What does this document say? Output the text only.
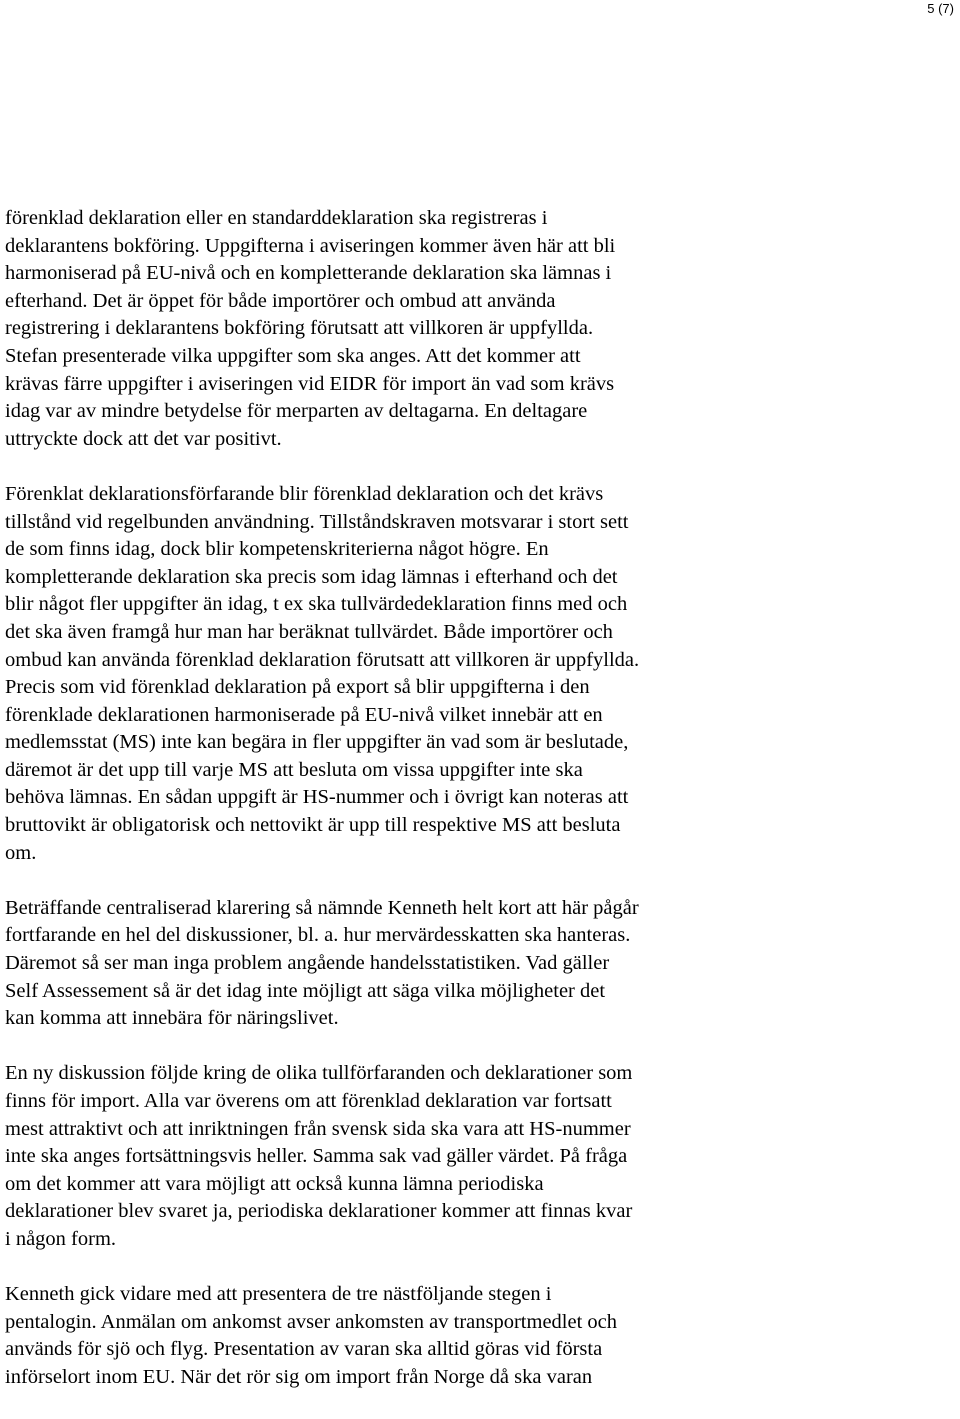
5 (7)

förenklad deklaration eller en standarddeklaration ska registreras i
deklarantens bokföring. Uppgifterna i aviseringen kommer även här att bli
harmoniserad på EU-nivå och en kompletterande deklaration ska lämnas i
efterhand. Det är öppet för både importörer och ombud att använda
registrering i deklarantens bokföring förutsatt att villkoren är uppfyllda.
Stefan presenterade vilka uppgifter som ska anges. Att det kommer att
krävas färre uppgifter i aviseringen vid EIDR för import än vad som krävs
idag var av mindre betydelse för merparten av deltagarna. En deltagare
uttryckte dock att det var positivt.

Förenklat deklarationsförfarande blir förenklad deklaration och det krävs
tillstånd vid regelbunden användning. Tillståndskraven motsvarar i stort sett
de som finns idag, dock blir kompetenskriterierna något högre. En
kompletterande deklaration ska precis som idag lämnas i efterhand och det
blir något fler uppgifter än idag, t ex ska tullvärdedeklaration finns med och
det ska även framgå hur man har beräknat tullvärdet. Både importörer och
ombud kan använda förenklad deklaration förutsatt att villkoren är uppfyllda.
Precis som vid förenklad deklaration på export så blir uppgifterna i den
förenklade deklarationen harmoniserade på EU-nivå vilket innebär att en
medlemsstat (MS) inte kan begära in fler uppgifter än vad som är beslutade,
däremot är det upp till varje MS att besluta om vissa uppgifter inte ska
behöva lämnas. En sådan uppgift är HS-nummer och i övrigt kan noteras att
bruttovikt är obligatorisk och nettovikt är upp till respektive MS att besluta
om.

Beträffande centraliserad klarering så nämnde Kenneth helt kort att här pågår
fortfarande en hel del diskussioner, bl. a. hur mervärdesskatten ska hanteras.
Däremot så ser man inga problem angående handelsstatistiken. Vad gäller
Self Assessement så är det idag inte möjligt att säga vilka möjligheter det
kan komma att innebära för näringslivet.

En ny diskussion följde kring de olika tullförfaranden och deklarationer som
finns för import. Alla var överens om att förenklad deklaration var fortsatt
mest attraktivt och att inriktningen från svensk sida ska vara att HS-nummer
inte ska anges fortsättningsvis heller. Samma sak vad gäller värdet. På fråga
om det kommer att vara möjligt att också kunna lämna periodiska
deklarationer blev svaret ja, periodiska deklarationer kommer att finnas kvar
i någon form.

Kenneth gick vidare med att presentera de tre nästföljande stegen i
pentalogin. Anmälan om ankomst avser ankomsten av transportmedlet och
används för sjö och flyg. Presentation av varan ska alltid göras vid första
införselort inom EU. När det rör sig om import från Norge då ska varan
